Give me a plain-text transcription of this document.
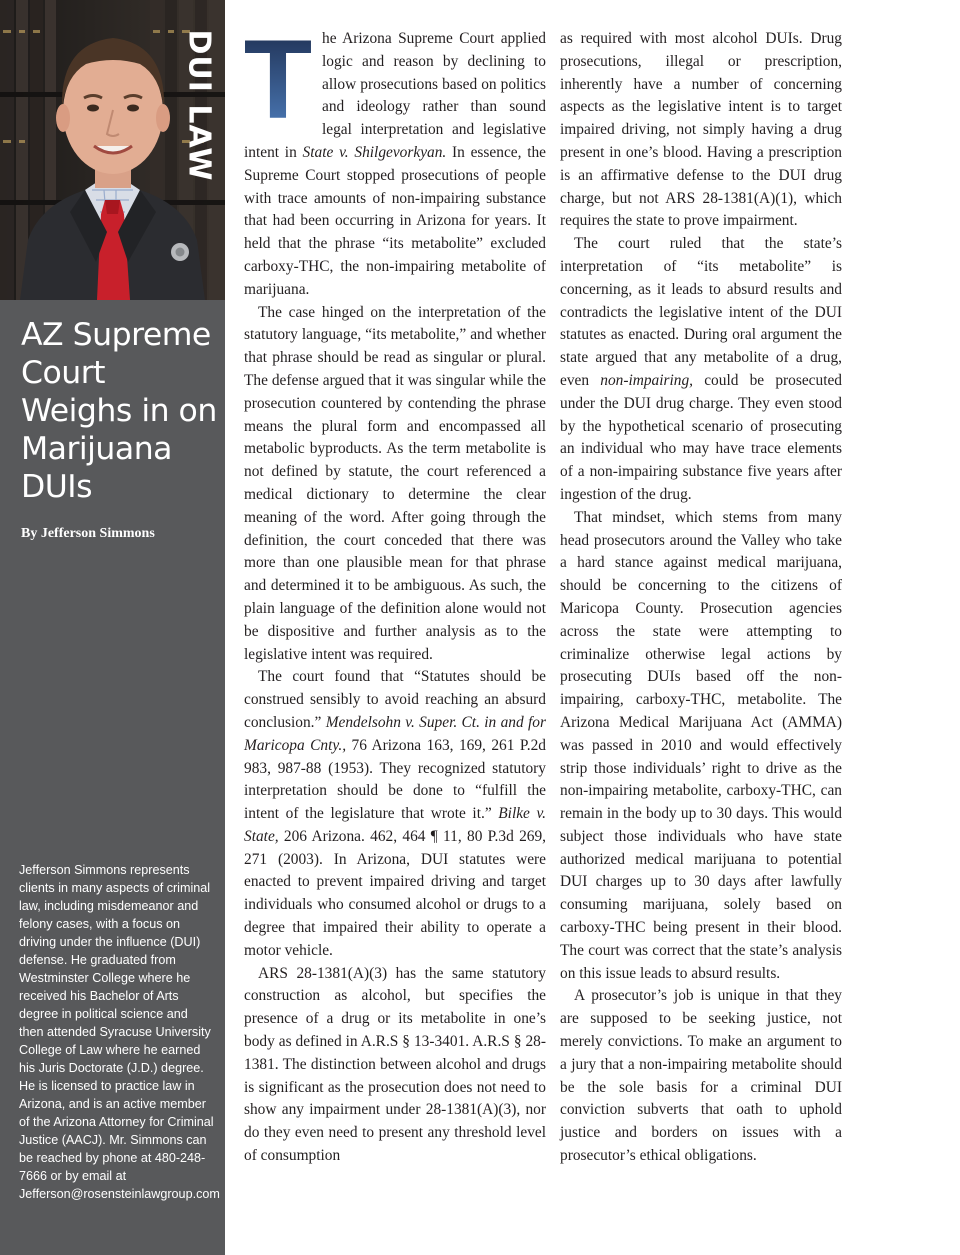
DUI LAW
AZ Supreme Court Weighs in on Marijuana DUIs

By Jefferson Simmons

Jefferson Simmons represents clients in many aspects of criminal law, including misdemeanor and felony cases, with a focus on driving under the influence (DUI) defense. He graduated from Westminster College where he received his Bachelor of Arts degree in political science and then attended Syracuse University College of Law where he earned his Juris Doctorate (J.D.) degree. He is licensed to practice law in Arizona, and is an active member of the Arizona Attorney for Criminal Justice (AACJ). Mr. Simmons can be reached by phone at 480-248-7666 or by email at Jefferson@rosensteinlawgroup.com

T he Arizona Supreme Court applied logic and reason by declining to allow prosecutions based on politics and ideology rather than sound legal interpretation and legislative intent in State v. Shilgevorkyan. In essence, the Supreme Court stopped prosecutions of people with trace amounts of non-impairing substance that had been occurring in Arizona for years. It held that the phrase “its metabolite” excluded carboxy-THC, the non-impairing metabolite of marijuana.

The case hinged on the interpretation of the statutory language, “its metabolite,” and whether that phrase should be read as singular or plural. The defense argued that it was singular while the prosecution countered by contending the phrase means the plural form and encompassed all metabolic byproducts. As the term metabolite is not defined by statute, the court referenced a medical dictionary to determine the clear meaning of the word. After going through the definition, the court conceded that there was more than one plausible mean for that phrase and determined it to be ambiguous. As such, the plain language of the definition alone would not be dispositive and further analysis as to the legislative intent was required.

The court found that “Statutes should be construed sensibly to avoid reaching an absurd conclusion.” Mendelsohn v. Super. Ct. in and for Maricopa Cnty., 76 Arizona 163, 169, 261 P.2d 983, 987-88 (1953). They recognized statutory interpretation should be done to “fulfill the intent of the legislature that wrote it.” Bilke v. State, 206 Arizona. 462, 464 ¶ 11, 80 P.3d 269, 271 (2003). In Arizona, DUI statutes were enacted to prevent impaired driving and target individuals who consumed alcohol or drugs to a degree that impaired their ability to operate a motor vehicle.

ARS 28-1381(A)(3) has the same statutory construction as alcohol, but specifies the presence of a drug or its metabolite in one’s body as defined in A.R.S § 13-3401. A.R.S § 28-1381. The distinction between alcohol and drugs is significant as the prosecution does not need to show any impairment under 28-1381(A)(3), nor do they even need to present any threshold level of consumption

as required with most alcohol DUIs. Drug prosecutions, illegal or prescription, inherently have a number of concerning aspects as the legislative intent is to target impaired driving, not simply having a drug present in one’s blood. Having a prescription is an affirmative defense to the DUI drug charge, but not ARS 28-1381(A)(1), which requires the state to prove impairment.

The court ruled that the state’s interpretation of “its metabolite” is concerning, as it leads to absurd results and contradicts the legislative intent of the DUI statutes as enacted. During oral argument the state argued that any metabolite of a drug, even non-impairing, could be prosecuted under the DUI drug charge. They even stood by the hypothetical scenario of prosecuting an individual who may have trace elements of a non-impairing substance five years after ingestion of the drug.

That mindset, which stems from many head prosecutors around the Valley who take a hard stance against medical marijuana, should be concerning to the citizens of Maricopa County. Prosecution agencies across the state were attempting to criminalize otherwise legal actions by prosecuting DUIs based off the non-impairing, carboxy-THC, metabolite. The Arizona Medical Marijuana Act (AMMA) was passed in 2010 and would effectively strip those individuals’ right to drive as the non-impairing metabolite, carboxy-THC, can remain in the body up to 30 days. This would subject those individuals who have state authorized medical marijuana to potential DUI charges up to 30 days after lawfully consuming marijuana, solely based on carboxy-THC being present in their blood. The court was correct that the state’s analysis on this issue leads to absurd results.

A prosecutor’s job is unique in that they are supposed to be seeking justice, not merely convictions. To make an argument to a jury that a non-impairing metabolite should be the sole basis for a criminal DUI conviction subverts that oath to uphold justice and borders on issues with a prosecutor’s ethical obligations.
